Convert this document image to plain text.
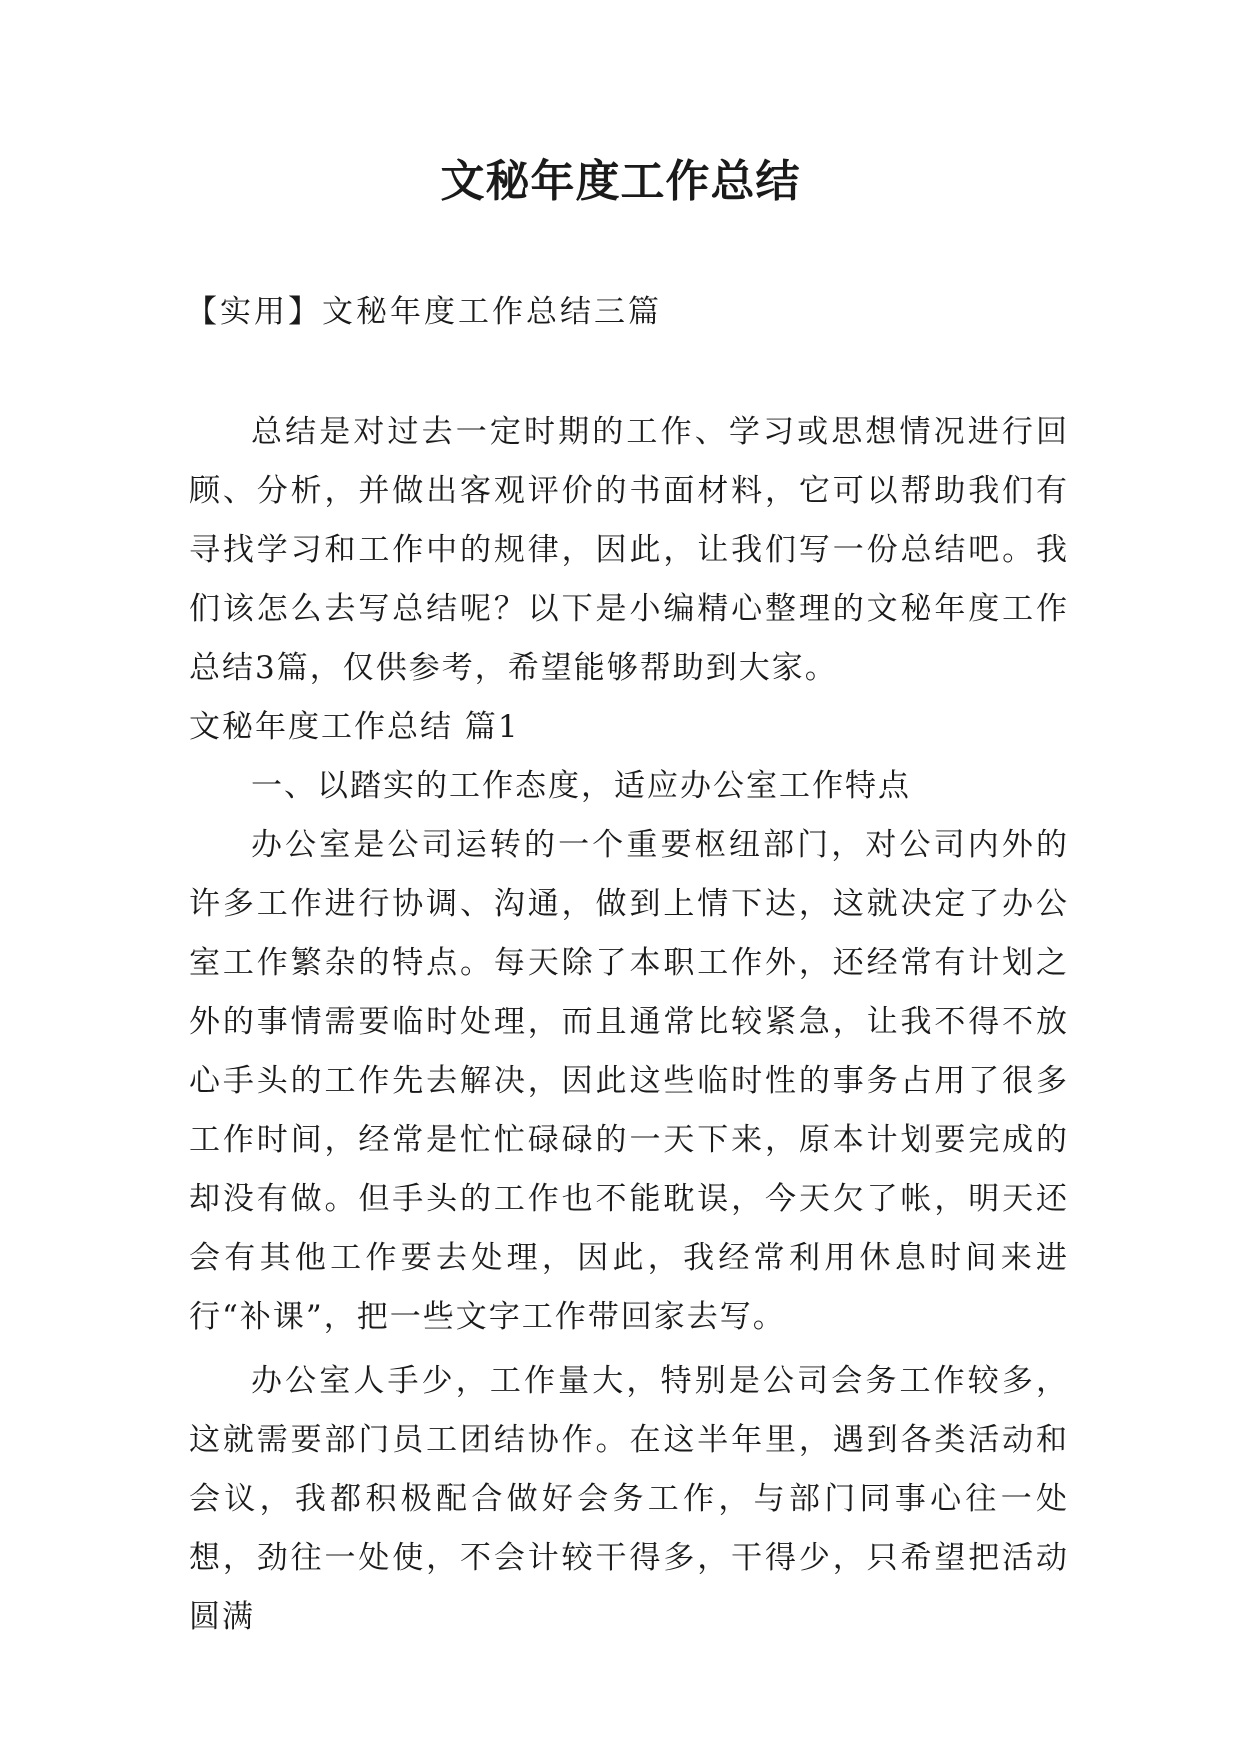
文秘年度工作总结
【实用】文秘年度工作总结三篇

总结是对过去一定时期的工作、学习或思想情况进行回顾、分析，并做出客观评价的书面材料，它可以帮助我们有寻找学习和工作中的规律，因此，让我们写一份总结吧。我们该怎么去写总结呢？以下是小编精心整理的文秘年度工作总结3篇，仅供参考，希望能够帮助到大家。

文秘年度工作总结 篇1

一、以踏实的工作态度，适应办公室工作特点

办公室是公司运转的一个重要枢纽部门，对公司内外的许多工作进行协调、沟通，做到上情下达，这就决定了办公室工作繁杂的特点。每天除了本职工作外，还经常有计划之外的事情需要临时处理，而且通常比较紧急，让我不得不放心手头的工作先去解决，因此这些临时性的事务占用了很多工作时间，经常是忙忙碌碌的一天下来，原本计划要完成的却没有做。但手头的工作也不能耽误，今天欠了帐，明天还会有其他工作要去处理，因此，我经常利用休息时间来进行“补课”，把一些文字工作带回家去写。

办公室人手少，工作量大，特别是公司会务工作较多，这就需要部门员工团结协作。在这半年里，遇到各类活动和会议，我都积极配合做好会务工作，与部门同事心往一处想，劲往一处使，不会计较干得多，干得少，只希望把活动圆满
